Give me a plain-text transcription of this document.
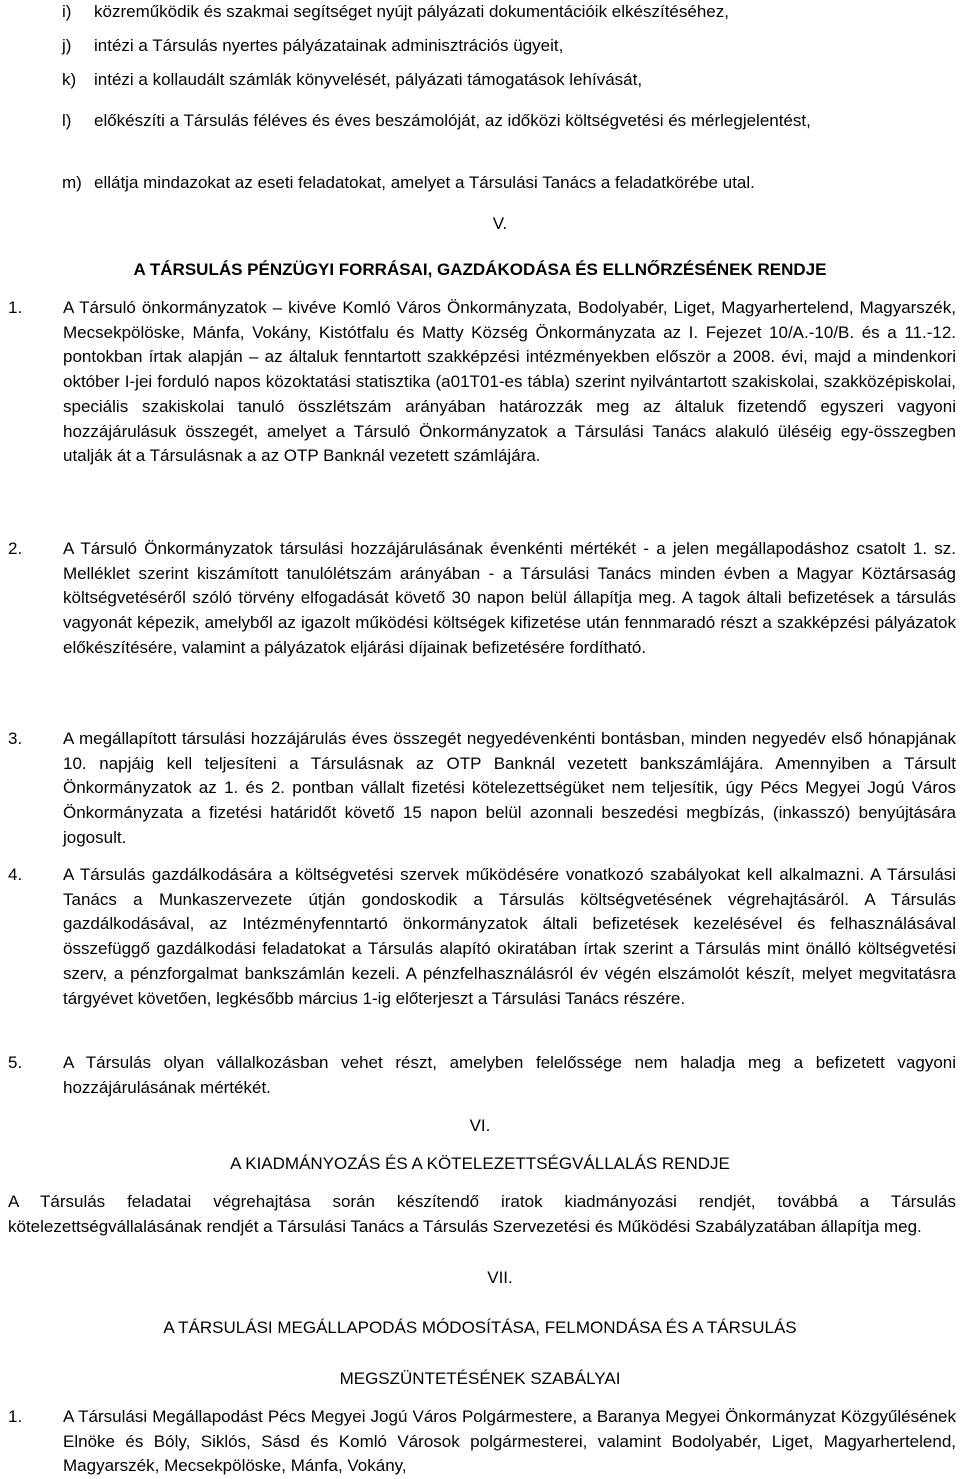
i)	közreműködik és szakmai segítséget nyújt pályázati dokumentációik elkészítéséhez,
j)	intézi a Társulás nyertes pályázatainak adminisztrációs ügyeit,
k)	intézi a kollaudált számlák könyvelését, pályázati támogatások lehívását,
l)	előkészíti a Társulás féléves és éves beszámolóját, az időközi költségvetési és mérlegjelentést,
m) ellátja mindazokat az eseti feladatokat, amelyet a Társulási Tanács a feladatkörébe utal.
V.
A TÁRSULÁS PÉNZÜGYI FORRÁSAI, GAZDÁKODÁSA ÉS ELLNŐRZÉSÉNEK RENDJE
1.	A Társuló önkormányzatok – kivéve Komló Város Önkormányzata, Bodolyabér, Liget, Magyarhertelend, Magyarszék, Mecsekpölöske, Mánfa, Vokány, Kistótfalu és Matty Község Önkormányzata az I. Fejezet 10/A.-10/B. és a 11.-12. pontokban írtak alapján – az általuk fenntartott szakképzési intézményekben először a 2008. évi, majd a mindenkori október I-jei forduló napos közoktatási statisztika (a01T01-es tábla) szerint nyilvántartott szakiskolai, szakközépiskolai, speciális szakiskolai tanuló összlétszám arányában határozzák meg az általuk fizetendő egyszeri vagyoni hozzájárulásuk összegét, amelyet a Társuló Önkormányzatok a Társulási Tanács alakuló üléséig egy-összegben utalják át a Társulásnak a az OTP Banknál vezetett számlájára.
2.	A Társuló Önkormányzatok társulási hozzájárulásának évenkénti mértékét - a jelen megállapodáshoz csatolt 1. sz. Melléklet szerint kiszámított tanulólétszám arányában - a Társulási Tanács minden évben a Magyar Köztársaság költségvetéséről szóló törvény elfogadását követő 30 napon belül állapítja meg. A tagok általi befizetések a társulás vagyonát képezik, amelyből az igazolt működési költségek kifizetése után fennmaradó részt a szakképzési pályázatok előkészítésére, valamint a pályázatok eljárási díjainak befizetésére fordítható.
3.	A megállapított társulási hozzájárulás éves összegét negyedévenkénti bontásban, minden negyedév első hónapjának 10. napjáig kell teljesíteni a Társulásnak az OTP Banknál vezetett bankszámlájára. Amennyiben a Társult Önkormányzatok az 1. és 2. pontban vállalt fizetési kötelezettségüket nem teljesítik, úgy Pécs Megyei Jogú Város Önkormányzata a fizetési határidőt követő 15 napon belül azonnali beszedési megbízás, (inkasszó) benyújtására jogosult.
4.	A Társulás gazdálkodására a költségvetési szervek működésére vonatkozó szabályokat kell alkalmazni. A Társulási Tanács a Munkaszervezete útján gondoskodik a Társulás költségvetésének végrehajtásáról. A Társulás gazdálkodásával, az Intézményfenntartó önkormányzatok általi befizetések kezelésével és felhasználásával összefüggő gazdálkodási feladatokat a Társulás alapító okiratában írtak szerint a Társulás mint önálló költségvetési szerv, a pénzforgalmat bankszámlán kezeli. A pénzfelhasználásról év végén elszámolót készít, melyet megvitatásra tárgyévet követően, legkésőbb március 1-ig előterjeszt a Társulási Tanács részére.
5.	A Társulás olyan vállalkozásban vehet részt, amelyben felelőssége nem haladja meg a befizetett vagyoni hozzájárulásának mértékét.
VI.
A KIADMÁNYOZÁS ÉS A KÖTELEZETTSÉGVÁLLALÁS RENDJE
A Társulás feladatai végrehajtása során készítendő iratok kiadmányozási rendjét, továbbá a Társulás kötelezettségvállalásának rendjét a Társulási Tanács a Társulás Szervezetési és Működési Szabályzatában állapítja meg.
VII.
A TÁRSULÁSI MEGÁLLAPODÁS MÓDOSÍTÁSA, FELMONDÁSA ÉS A TÁRSULÁS
MEGSZÜNTETÉSÉNEK SZABÁLYAI
1.	A Társulási Megállapodást Pécs Megyei Jogú Város Polgármestere, a Baranya Megyei Önkormányzat Közgyűlésének Elnöke és Bóly, Siklós, Sásd és Komló Városok polgármesterei, valamint Bodolyabér, Liget, Magyarhertelend, Magyarszék, Mecsekpölöske, Mánfa, Vokány,
